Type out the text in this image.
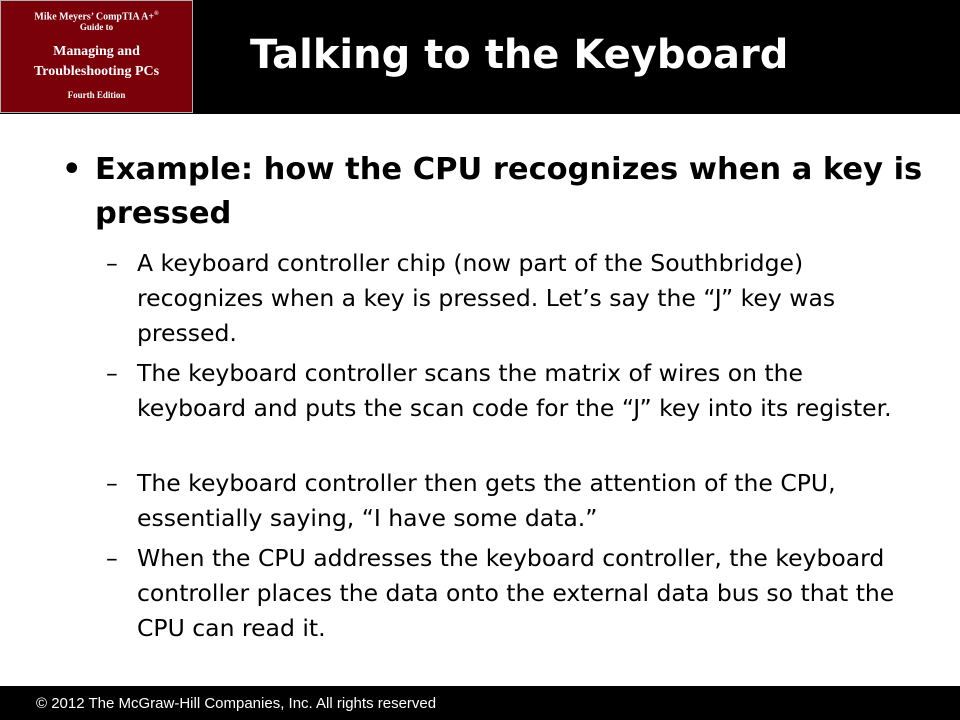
Mike Meyers’ CompTIA A+®
Guide to
Managing and
Troubleshooting PCs
Fourth Edition
Talking to the Keyboard
• Example: how the CPU recognizes when a key is pressed
– A keyboard controller chip (now part of the Southbridge) recognizes when a key is pressed. Let’s say the “J” key was pressed.
– The keyboard controller scans the matrix of wires on the keyboard and puts the scan code for the “J” key into its register.
– The keyboard controller then gets the attention of the CPU, essentially saying, “I have some data.”
– When the CPU addresses the keyboard controller, the keyboard controller places the data onto the external data bus so that the CPU can read it.
© 2012 The McGraw-Hill Companies, Inc. All rights reserved
